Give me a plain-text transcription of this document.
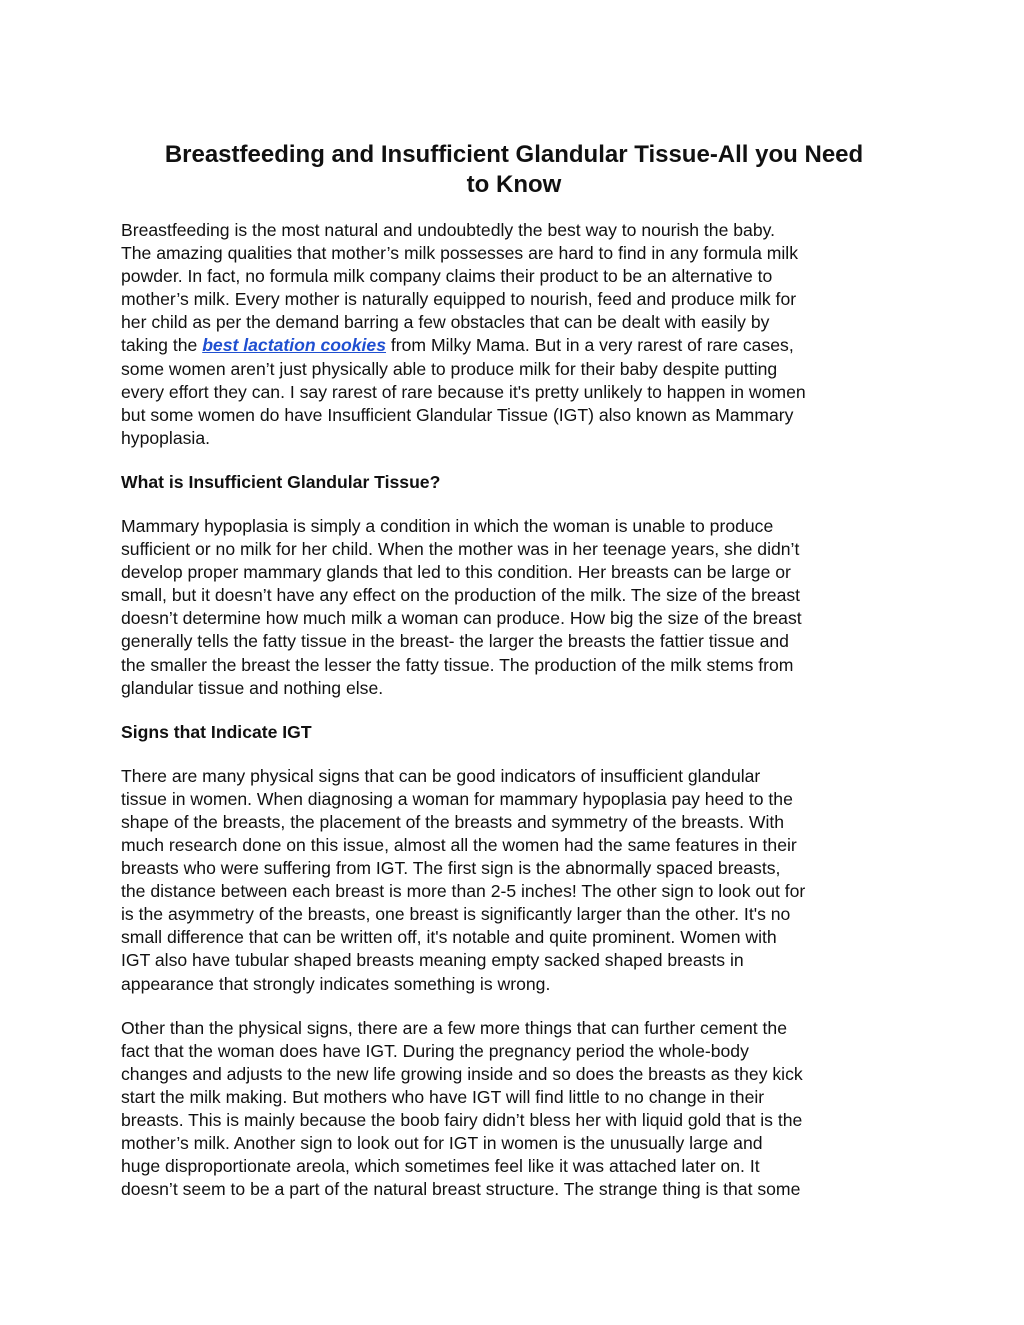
Breastfeeding and Insufficient Glandular Tissue-All you Need
to Know
Breastfeeding is the most natural and undoubtedly the best way to nourish the baby.
The amazing qualities that mother’s milk possesses are hard to find in any formula milk
powder. In fact, no formula milk company claims their product to be an alternative to
mother’s milk. Every mother is naturally equipped to nourish, feed and produce milk for
her child as per the demand barring a few obstacles that can be dealt with easily by
taking the best lactation cookies from Milky Mama. But in a very rarest of rare cases,
some women aren’t just physically able to produce milk for their baby despite putting
every effort they can. I say rarest of rare because it's pretty unlikely to happen in women
but some women do have Insufficient Glandular Tissue (IGT) also known as Mammary
hypoplasia.
What is Insufficient Glandular Tissue?
Mammary hypoplasia is simply a condition in which the woman is unable to produce
sufficient or no milk for her child. When the mother was in her teenage years, she didn’t
develop proper mammary glands that led to this condition. Her breasts can be large or
small, but it doesn’t have any effect on the production of the milk. The size of the breast
doesn’t determine how much milk a woman can produce. How big the size of the breast
generally tells the fatty tissue in the breast- the larger the breasts the fattier tissue and
the smaller the breast the lesser the fatty tissue. The production of the milk stems from
glandular tissue and nothing else.
Signs that Indicate IGT
There are many physical signs that can be good indicators of insufficient glandular
tissue in women. When diagnosing a woman for mammary hypoplasia pay heed to the
shape of the breasts, the placement of the breasts and symmetry of the breasts. With
much research done on this issue, almost all the women had the same features in their
breasts who were suffering from IGT. The first sign is the abnormally spaced breasts,
the distance between each breast is more than 2-5 inches! The other sign to look out for
is the asymmetry of the breasts, one breast is significantly larger than the other. It's no
small difference that can be written off, it's notable and quite prominent. Women with
IGT also have tubular shaped breasts meaning empty sacked shaped breasts in
appearance that strongly indicates something is wrong.
Other than the physical signs, there are a few more things that can further cement the
fact that the woman does have IGT. During the pregnancy period the whole-body
changes and adjusts to the new life growing inside and so does the breasts as they kick
start the milk making. But mothers who have IGT will find little to no change in their
breasts. This is mainly because the boob fairy didn’t bless her with liquid gold that is the
mother’s milk. Another sign to look out for IGT in women is the unusually large and
huge disproportionate areola, which sometimes feel like it was attached later on. It
doesn’t seem to be a part of the natural breast structure. The strange thing is that some
